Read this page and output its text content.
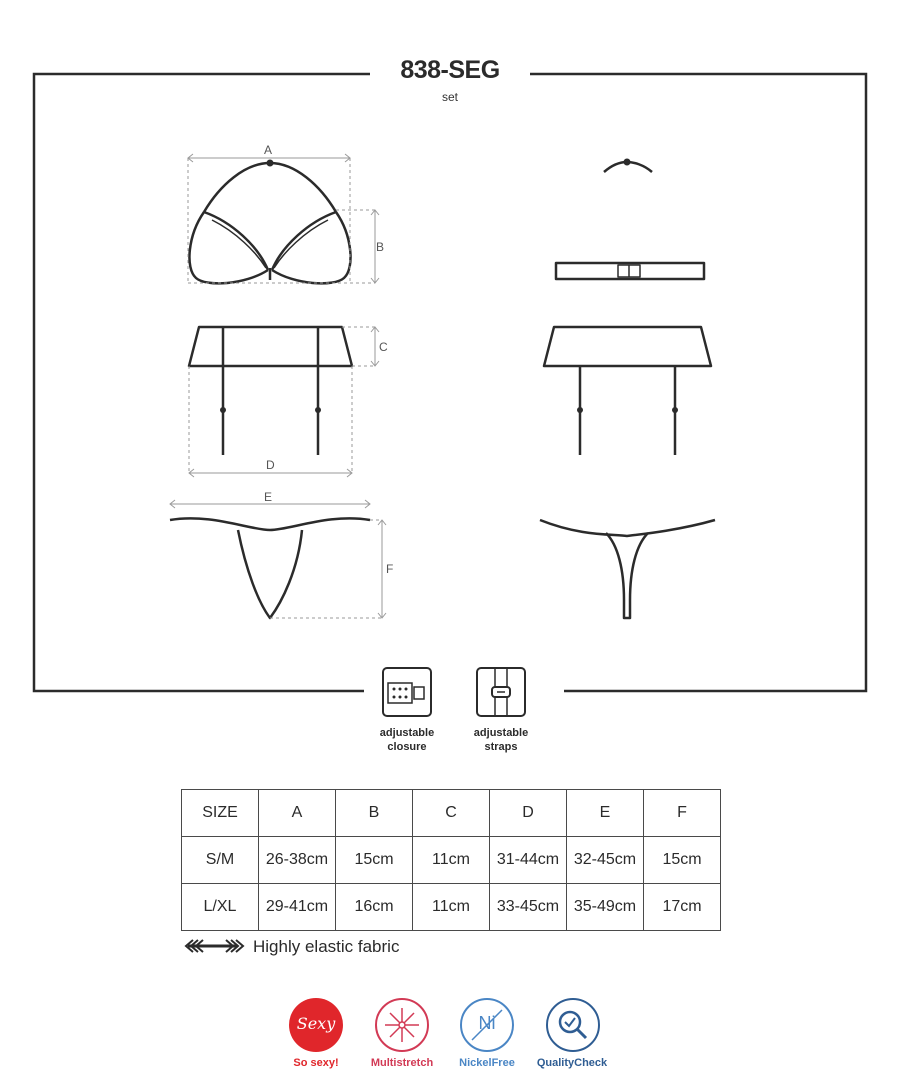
838-SEG
set
A
B
C
D
E
F
adjustable
closure
adjustable
straps
SIZE	A	B	C	D	E	F
S/M	26-38cm	15cm	11cm	31-44cm	32-45cm	15cm
L/XL	29-41cm	16cm	11cm	33-45cm	35-49cm	17cm
Highly elastic fabric
Sexy
So sexy!	Multistretch
Ni
NickelFree	QualityCheck
